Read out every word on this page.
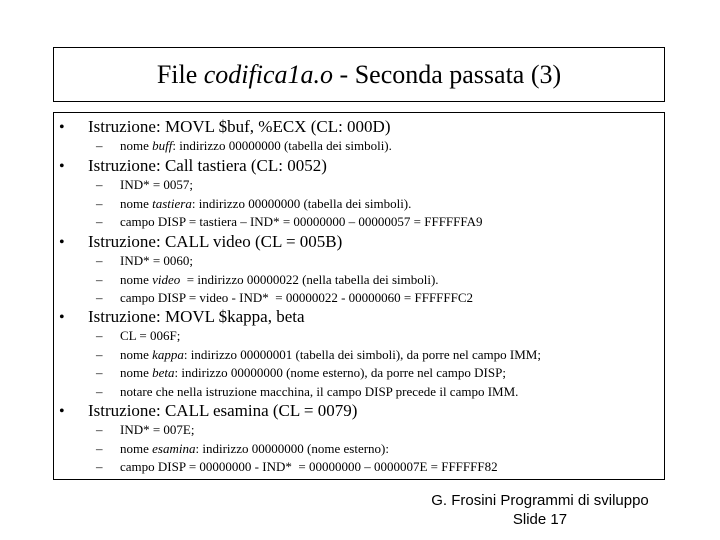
File codifica1a.o - Seconda passata (3)
• Istruzione: MOVL $buf, %ECX (CL: 000D)
– nome buff: indirizzo 00000000 (tabella dei simboli).
• Istruzione: Call tastiera (CL: 0052)
– IND* = 0057;
– nome tastiera: indirizzo 00000000 (tabella dei simboli).
– campo DISP = tastiera – IND* = 00000000 – 00000057 = FFFFFFA9
• Istruzione: CALL video (CL = 005B)
– IND* = 0060;
– nome video  = indirizzo 00000022 (nella tabella dei simboli).
– campo DISP = video - IND*  = 00000022 - 00000060 = FFFFFFC2
• Istruzione: MOVL $kappa, beta
– CL = 006F;
– nome kappa: indirizzo 00000001 (tabella dei simboli), da porre nel campo IMM;
– nome beta: indirizzo 00000000 (nome esterno), da porre nel campo DISP;
– notare che nella istruzione macchina, il campo DISP precede il campo IMM.
• Istruzione: CALL esamina (CL = 0079)
– IND* = 007E;
– nome esamina: indirizzo 00000000 (nome esterno):
– campo DISP = 00000000 - IND*  = 00000000 – 0000007E = FFFFFF82
G. Frosini Programmi di sviluppo
Slide 17
